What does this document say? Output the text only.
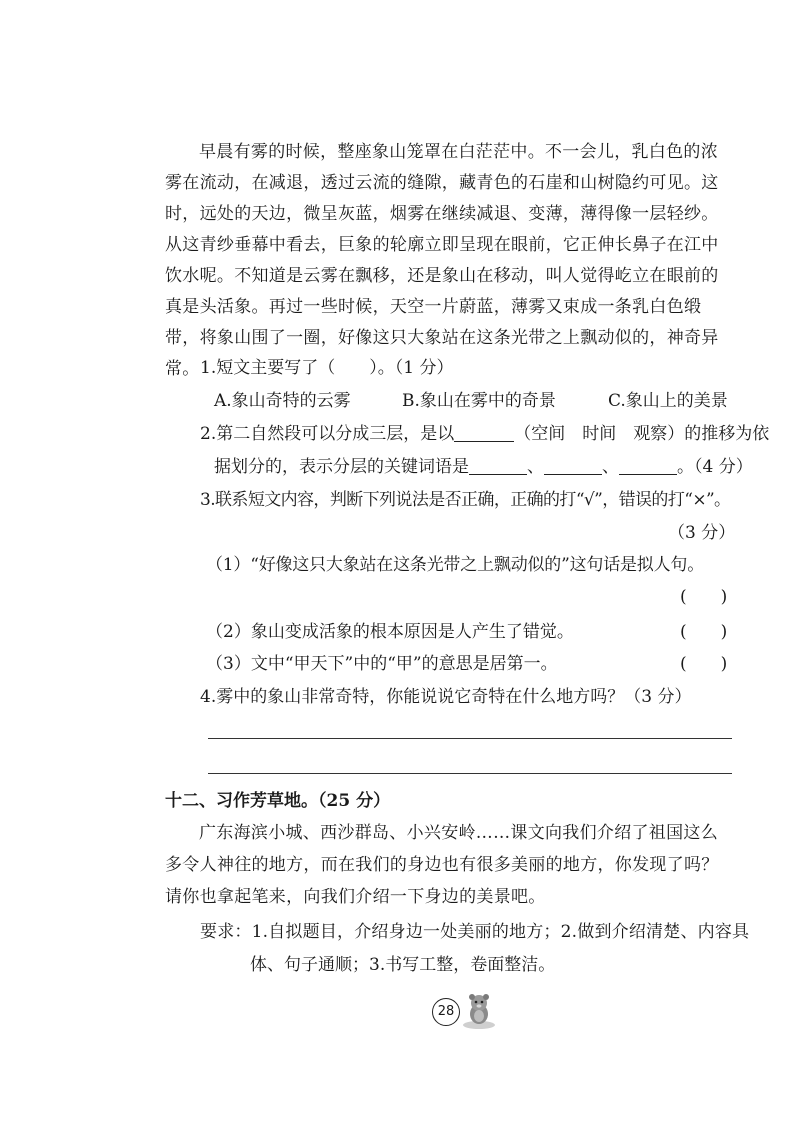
早晨有雾的时候，整座象山笼罩在白茫茫中。不一会儿，乳白色的浓雾在流动，在减退，透过云流的缝隙，藏青色的石崖和山树隐约可见。这时，远处的天边，微呈灰蓝，烟雾在继续减退、变薄，薄得像一层轻纱。从这青纱垂幕中看去，巨象的轮廓立即呈现在眼前，它正伸长鼻子在江中饮水呢。不知道是云雾在飘移，还是象山在移动，叫人觉得屹立在眼前的真是头活象。再过一些时候，天空一片蔚蓝，薄雾又束成一条乳白色缎带，将象山围了一圈，好像这只大象站在这条光带之上飘动似的，神奇异常。 1.短文主要写了（　　）。（1 分）

A.象山奇特的云雾	B.象山在雾中的奇景	C.象山上的美景

2.第二自然段可以分成三层，是以	（空间　时间　观察）的推移为依

据划分的，表示分层的关键词语是	、	、	。（4 分）

3.联系短文内容，判断下列说法是否正确，正确的打“√”，错误的打“×”。

（3 分）

（1）“好像这只大象站在这条光带之上飘动似的”这句话是拟人句。

(　　)

（2）象山变成活象的根本原因是人产生了错觉。	(　　)

（3）文中“甲天下”中的“甲”的意思是居第一。	(　　)

4.雾中的象山非常奇特，你能说说它奇特在什么地方吗？（3 分）

十二、习作芳草地。（25 分）

广东海滨小城、西沙群岛、小兴安岭……课文向我们介绍了祖国这么多令人神往的地方，而在我们的身边也有很多美丽的地方，你发现了吗？请你也拿起笔来，向我们介绍一下身边的美景吧。

要求：1.自拟题目，介绍身边一处美丽的地方；2.做到介绍清楚、内容具

体、句子通顺；3.书写工整，卷面整洁。

28
